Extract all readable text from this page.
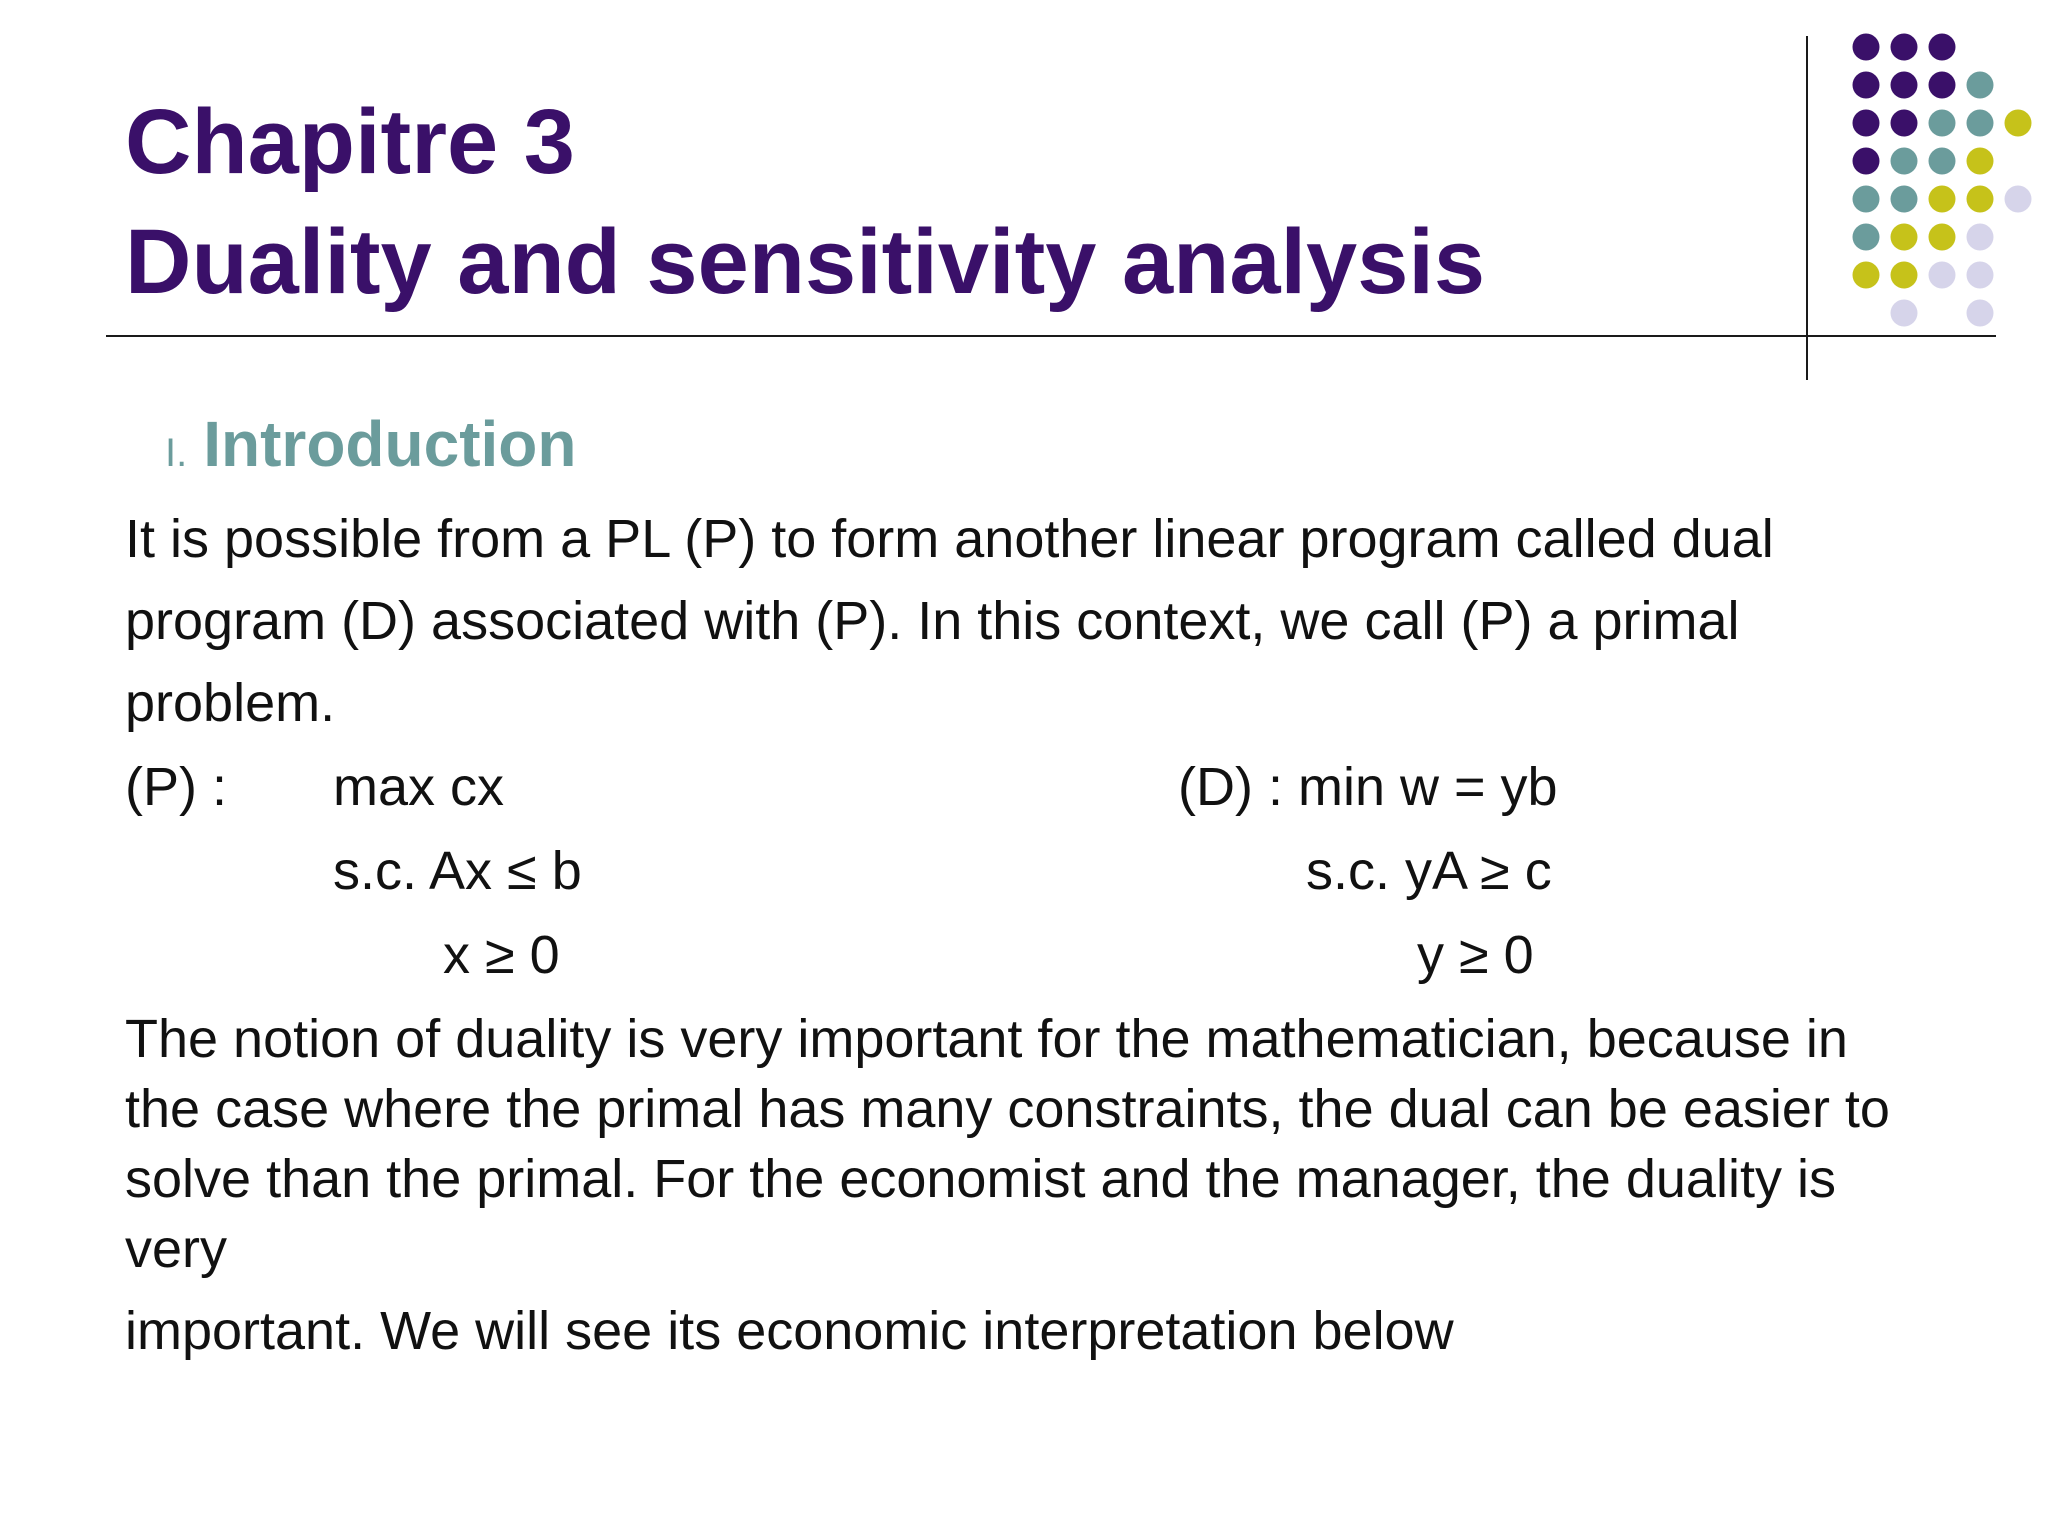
Chapitre 3
Duality and sensitivity analysis
I. Introduction

It is possible from a PL (P) to form another linear program called dual

program (D) associated with (P). In this context, we call (P) a primal

problem.

(P) : max cx

s.c. Ax ≤ b

x ≥ 0

(D) : min w = yb

s.c. yA ≥ c

y ≥ 0

The notion of duality is very important for the mathematician, because in

the case where the primal has many constraints, the dual can be easier to

solve than the primal. For the economist and the manager, the duality is

very

important. We will see its economic interpretation below
